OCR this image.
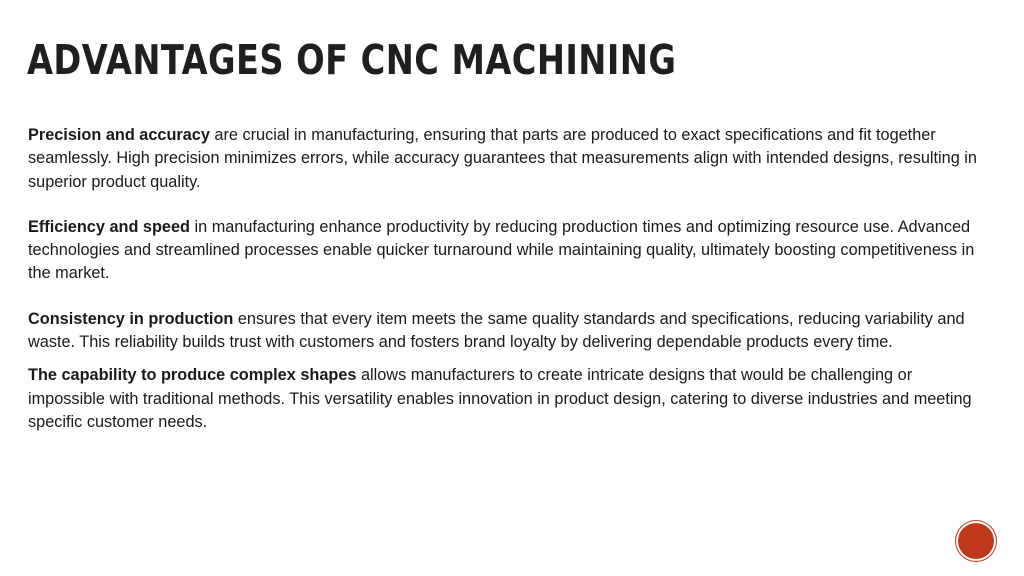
ADVANTAGES OF CNC MACHINING

Precision and accuracy are crucial in manufacturing, ensuring that parts are produced to exact specifications and fit together seamlessly. High precision minimizes errors, while accuracy guarantees that measurements align with intended designs, resulting in superior product quality.

Efficiency and speed in manufacturing enhance productivity by reducing production times and optimizing resource use. Advanced technologies and streamlined processes enable quicker turnaround while maintaining quality, ultimately boosting competitiveness in the market.

Consistency in production ensures that every item meets the same quality standards and specifications, reducing variability and waste. This reliability builds trust with customers and fosters brand loyalty by delivering dependable products every time.

The capability to produce complex shapes allows manufacturers to create intricate designs that would be challenging or impossible with traditional methods. This versatility enables innovation in product design, catering to diverse industries and meeting specific customer needs.
